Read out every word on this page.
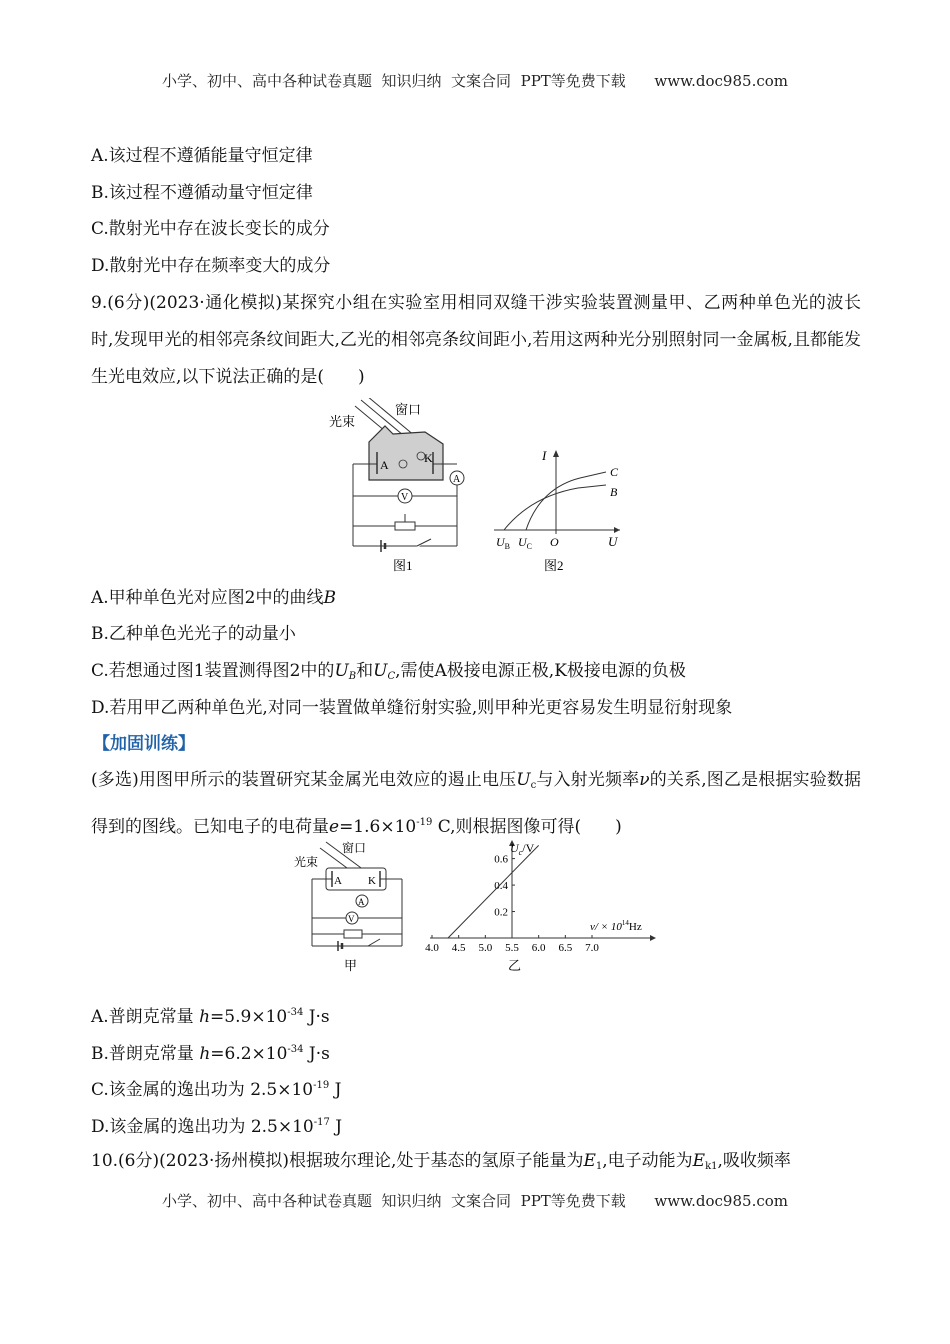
小学、初中、高中各种试卷真题  知识归纳  文案合同  PPT等免费下载      www.doc985.com
A.该过程不遵循能量守恒定律
B.该过程不遵循动量守恒定律
C.散射光中存在波长变长的成分
D.散射光中存在频率变大的成分
9.(6分)(2023·通化模拟)某探究小组在实验室用相同双缝干涉实验装置测量甲、乙两种单色光的波长时,发现甲光的相邻亮条纹间距大,乙光的相邻亮条纹间距小,若用这两种光分别照射同一金属板,且都能发生光电效应,以下说法正确的是(　　)
光束
窗口
A	K
A
V
图1
I
U
O
C
B
$U_B$ $U_C$
图2
A.甲种单色光对应图2中的曲线B
B.乙种单色光光子的动量小
C.若想通过图1装置测得图2中的$U_B$和$U_C$,需使A极接电源正极,K极接电源的负极
D.若用甲乙两种单色光,对同一装置做单缝衍射实验,则甲种光更容易发生明显衍射现象
【加固训练】
(多选)用图甲所示的装置研究某金属光电效应的遏止电压$U_c$与入射光频率ν的关系,图乙是根据实验数据得到的图线。已知电子的电荷量$e=1.6\times 10^{-19}$ C,则根据图像可得(　　)
光束
窗口
A K
A
V
甲
4.0 4.5 5.0 5.5 6.0 6.5 7.0
0.2
0.4
0.6
$U_c/V$
$\nu/ \times 10^{14}Hz$
乙
A.普朗克常量 $h=5.9\times 10^{-34}$ J·s
B.普朗克常量 $h=6.2\times 10^{-34}$ J·s
C.该金属的逸出功为 $2.5\times 10^{-19}$ J
D.该金属的逸出功为 $2.5\times 10^{-17}$ J
10.(6分)(2023·扬州模拟)根据玻尔理论,处于基态的氢原子能量为$E_1$,电子动能为$E_{k1}$,吸收频率
小学、初中、高中各种试卷真题  知识归纳  文案合同  PPT等免费下载      www.doc985.com
